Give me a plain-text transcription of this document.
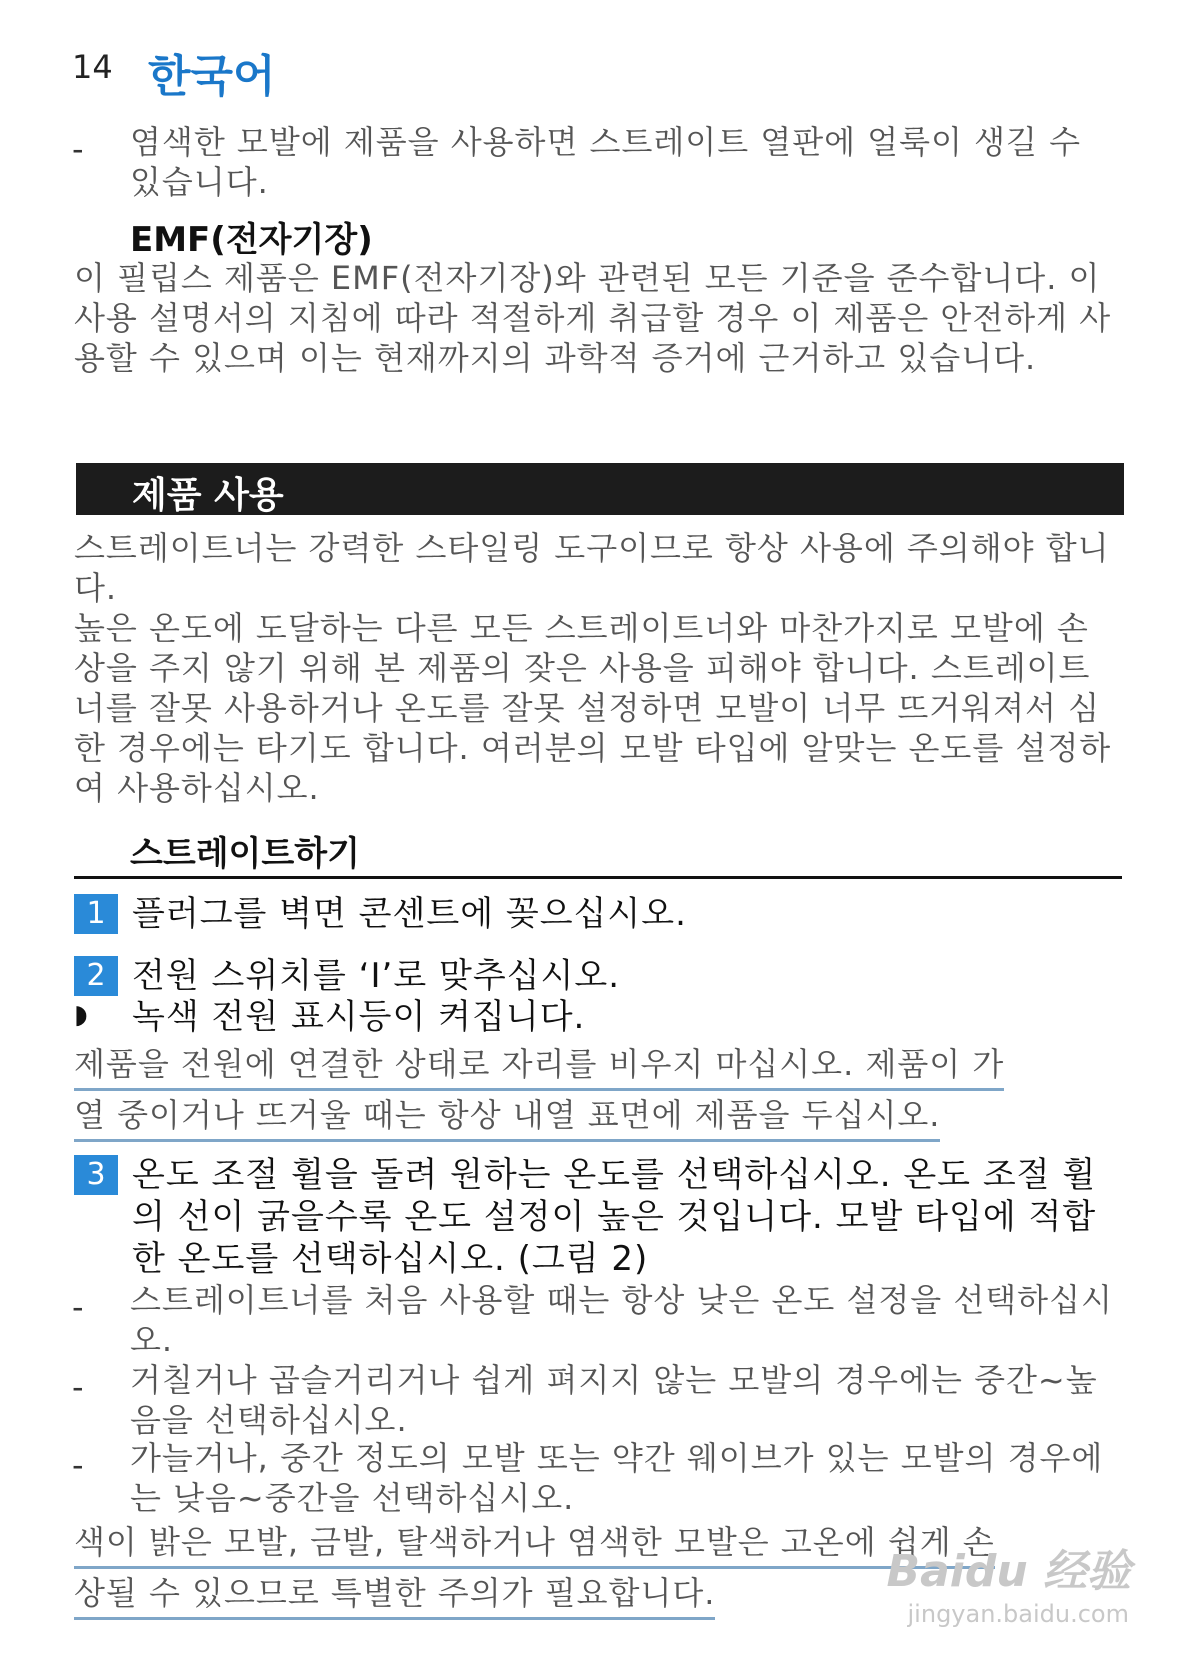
14 한국어
- 염색한 모발에 제품을 사용하면 스트레이트 열판에 얼룩이 생길 수 있습니다.
EMF(전자기장)
이 필립스 제품은 EMF(전자기장)와 관련된 모든 기준을 준수합니다. 이 사용 설명서의 지침에 따라 적절하게 취급할 경우 이 제품은 안전하게 사용할 수 있으며 이는 현재까지의 과학적 증거에 근거하고 있습니다.
제품 사용
스트레이트너는 강력한 스타일링 도구이므로 항상 사용에 주의해야 합니다.
높은 온도에 도달하는 다른 모든 스트레이트너와 마찬가지로 모발에 손상을 주지 않기 위해 본 제품의 잦은 사용을 피해야 합니다. 스트레이트너를 잘못 사용하거나 온도를 잘못 설정하면 모발이 너무 뜨거워져서 심한 경우에는 타기도 합니다. 여러분의 모발 타입에 알맞는 온도를 설정하여 사용하십시오.
스트레이트하기
1 플러그를 벽면 콘센트에 꽂으십시오.
2 전원 스위치를 ‘I’로 맞추십시오.
◗ 녹색 전원 표시등이 켜집니다.
제품을 전원에 연결한 상태로 자리를 비우지 마십시오. 제품이 가
열 중이거나 뜨거울 때는 항상 내열 표면에 제품을 두십시오.
3 온도 조절 휠을 돌려 원하는 온도를 선택하십시오. 온도 조절 휠의 선이 굵을수록 온도 설정이 높은 것입니다. 모발 타입에 적합한 온도를 선택하십시오. (그림 2)
- 스트레이트너를 처음 사용할 때는 항상 낮은 온도 설정을 선택하십시오.
- 거칠거나 곱슬거리거나 쉽게 펴지지 않는 모발의 경우에는 중간~높음을 선택하십시오.
- 가늘거나, 중간 정도의 모발 또는 약간 웨이브가 있는 모발의 경우에는 낮음~중간을 선택하십시오.
색이 밝은 모발, 금발, 탈색하거나 염색한 모발은 고온에 쉽게 손
상될 수 있으므로 특별한 주의가 필요합니다.	Baidu 经验
jingyan.baidu.com
